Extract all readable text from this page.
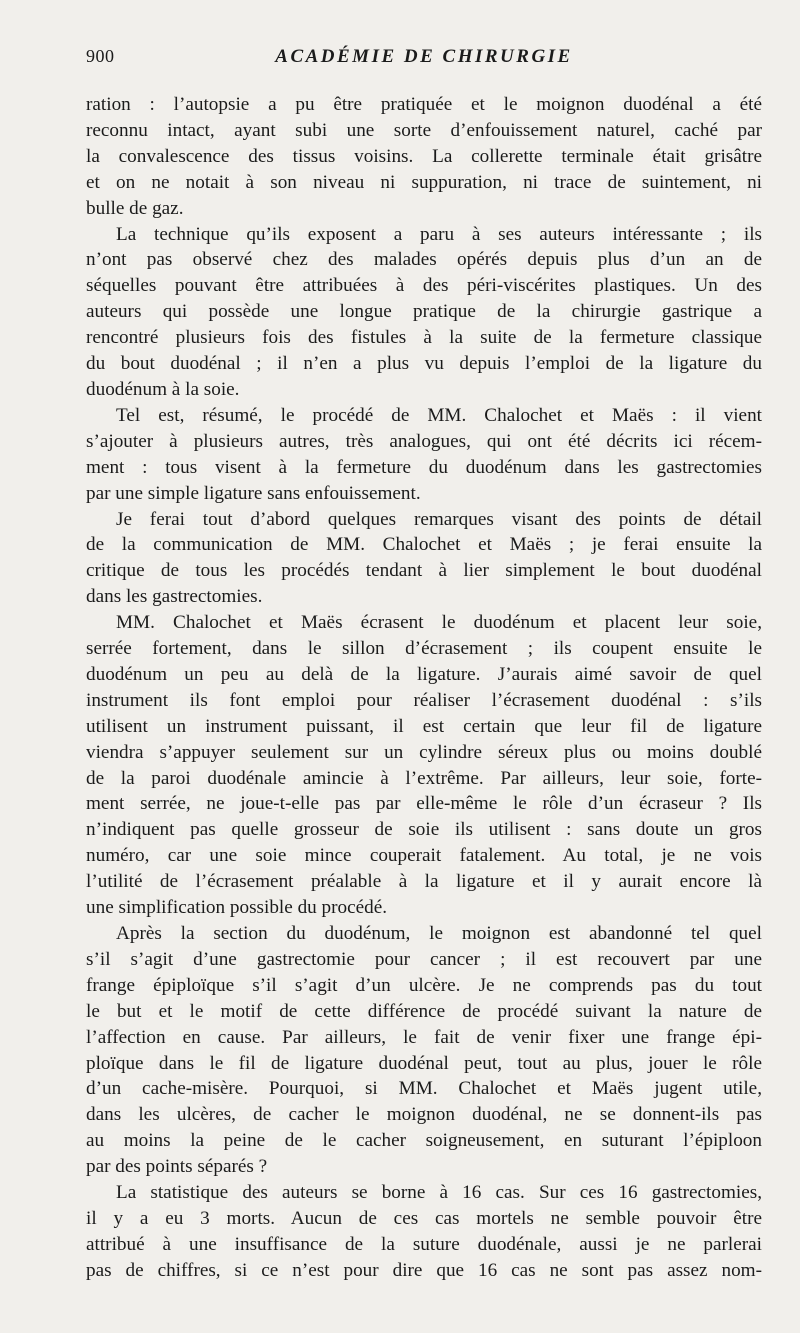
900	ACADÉMIE DE CHIRURGIE
ration : l’autopsie a pu être pratiquée et le moignon duodénal a été
reconnu intact, ayant subi une sorte d’enfouissement naturel, caché par
la convalescence des tissus voisins. La collerette terminale était grisâtre
et on ne notait à son niveau ni suppuration, ni trace de suintement, ni
bulle de gaz.
La technique qu’ils exposent a paru à ses auteurs intéressante ; ils
n’ont pas observé chez des malades opérés depuis plus d’un an de
séquelles pouvant être attribuées à des péri-viscérites plastiques. Un des
auteurs qui possède une longue pratique de la chirurgie gastrique a
rencontré plusieurs fois des fistules à la suite de la fermeture classique
du bout duodénal ; il n’en a plus vu depuis l’emploi de la ligature du
duodénum à la soie.
Tel est, résumé, le procédé de MM. Chalochet et Maës : il vient
s’ajouter à plusieurs autres, très analogues, qui ont été décrits ici récem-
ment : tous visent à la fermeture du duodénum dans les gastrectomies
par une simple ligature sans enfouissement.
Je ferai tout d’abord quelques remarques visant des points de détail
de la communication de MM. Chalochet et Maës ; je ferai ensuite la
critique de tous les procédés tendant à lier simplement le bout duodénal
dans les gastrectomies.
MM. Chalochet et Maës écrasent le duodénum et placent leur soie,
serrée fortement, dans le sillon d’écrasement ; ils coupent ensuite le
duodénum un peu au delà de la ligature. J’aurais aimé savoir de quel
instrument ils font emploi pour réaliser l’écrasement duodénal : s’ils
utilisent un instrument puissant, il est certain que leur fil de ligature
viendra s’appuyer seulement sur un cylindre séreux plus ou moins doublé
de la paroi duodénale amincie à l’extrême. Par ailleurs, leur soie, forte-
ment serrée, ne joue-t-elle pas par elle-même le rôle d’un écraseur ? Ils
n’indiquent pas quelle grosseur de soie ils utilisent : sans doute un gros
numéro, car une soie mince couperait fatalement. Au total, je ne vois
l’utilité de l’écrasement préalable à la ligature et il y aurait encore là
une simplification possible du procédé.
Après la section du duodénum, le moignon est abandonné tel quel
s’il s’agit d’une gastrectomie pour cancer ; il est recouvert par une
frange épiploïque s’il s’agit d’un ulcère. Je ne comprends pas du tout
le but et le motif de cette différence de procédé suivant la nature de
l’affection en cause. Par ailleurs, le fait de venir fixer une frange épi-
ploïque dans le fil de ligature duodénal peut, tout au plus, jouer le rôle
d’un cache-misère. Pourquoi, si MM. Chalochet et Maës jugent utile,
dans les ulcères, de cacher le moignon duodénal, ne se donnent-ils pas
au moins la peine de le cacher soigneusement, en suturant l’épiploon
par des points séparés ?
La statistique des auteurs se borne à 16 cas. Sur ces 16 gastrectomies,
il y a eu 3 morts. Aucun de ces cas mortels ne semble pouvoir être
attribué à une insuffisance de la suture duodénale, aussi je ne parlerai
pas de chiffres, si ce n’est pour dire que 16 cas ne sont pas assez nom-
